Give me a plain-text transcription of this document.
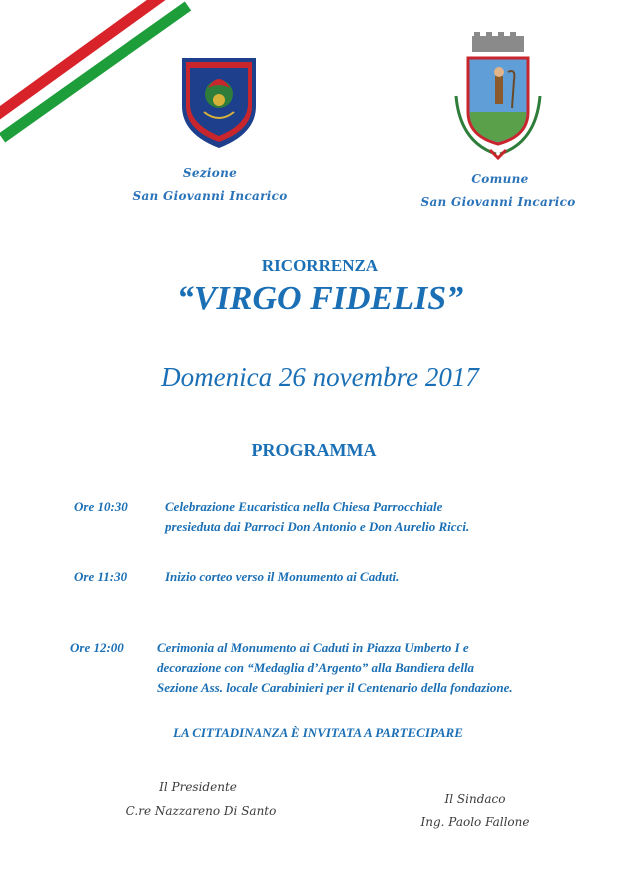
Sezione
San Giovanni Incarico
Comune
San Giovanni Incarico
RICORRENZA
“VIRGO FIDELIS”
Domenica 26 novembre 2017
PROGRAMMA
Ore 10:30	Celebrazione Eucaristica nella Chiesa Parrocchiale
presieduta dai Parroci Don Antonio e Don Aurelio Ricci.
Ore 11:30	Inizio corteo verso il Monumento ai Caduti.
Ore 12:00	Cerimonia al Monumento ai Caduti in Piazza Umberto I e
decorazione con “Medaglia d’Argento” alla Bandiera della
Sezione Ass. locale Carabinieri per il Centenario della fondazione.
LA CITTADINANZA È INVITATA A PARTECIPARE
Il Presidente
C.re Nazzareno Di Santo
Il Sindaco
Ing. Paolo Fallone
